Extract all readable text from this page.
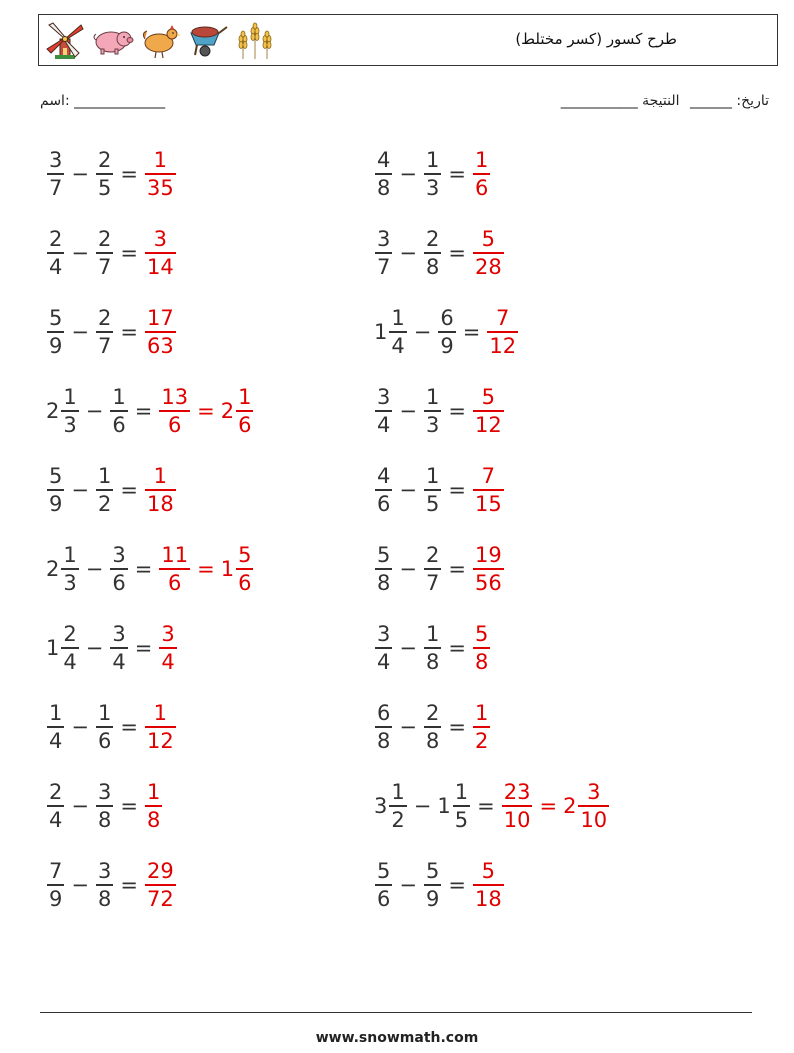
طرح كسور (كسر مختلط)
اسم: _____________	تاريخ: ______ النتيجة ___________
$\frac{3}{7} - \frac{2}{5} = \frac{1}{35}$	$\frac{4}{8} - \frac{1}{3} = \frac{1}{6}$
$\frac{2}{4} - \frac{2}{7} = \frac{3}{14}$	$\frac{3}{7} - \frac{2}{8} = \frac{5}{28}$
$\frac{5}{9} - \frac{2}{7} = \frac{17}{63}$	$1 \frac{1}{4} - \frac{6}{9} = \frac{7}{12}$
$2 \frac{1}{3} - \frac{1}{6} = \frac{13}{6} = 2 \frac{1}{6}$	$\frac{3}{4} - \frac{1}{3} = \frac{5}{12}$
$\frac{5}{9} - \frac{1}{2} = \frac{1}{18}$	$\frac{4}{6} - \frac{1}{5} = \frac{7}{15}$
$2 \frac{1}{3} - \frac{3}{6} = \frac{11}{6} = 1 \frac{5}{6}$	$\frac{5}{8} - \frac{2}{7} = \frac{19}{56}$
$1 \frac{2}{4} - \frac{3}{4} = \frac{3}{4}$	$\frac{3}{4} - \frac{1}{8} = \frac{5}{8}$
$\frac{1}{4} - \frac{1}{6} = \frac{1}{12}$	$\frac{6}{8} - \frac{2}{8} = \frac{1}{2}$
$\frac{2}{4} - \frac{3}{8} = \frac{1}{8}$	$3 \frac{1}{2} - 1 \frac{1}{5} = \frac{23}{10} = 2 \frac{3}{10}$
$\frac{7}{9} - \frac{3}{8} = \frac{29}{72}$	$\frac{5}{6} - \frac{5}{9} = \frac{5}{18}$
www.snowmath.com
